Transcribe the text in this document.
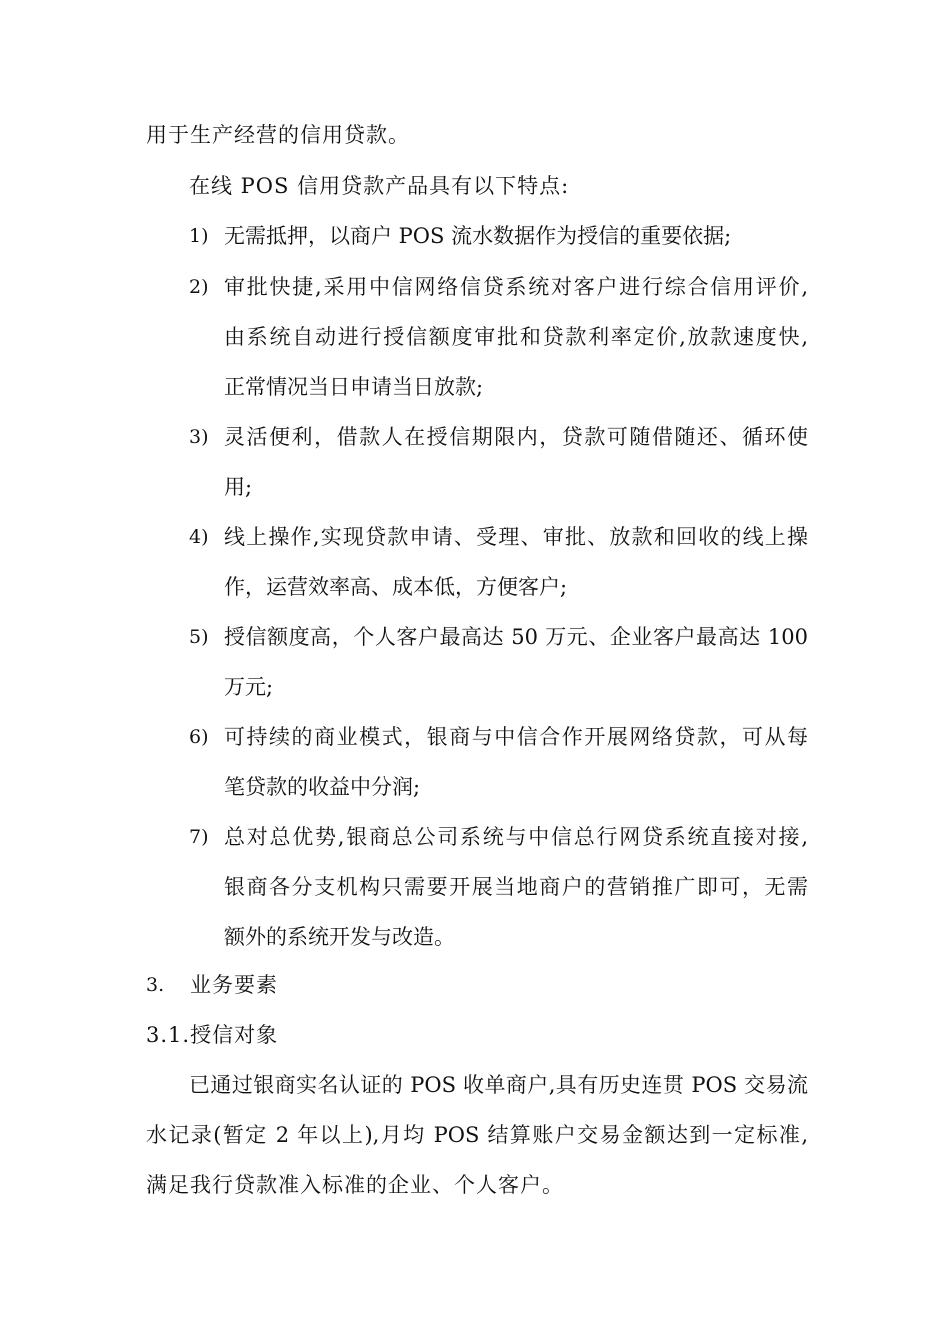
用于生产经营的信用贷款。
在线 POS 信用贷款产品具有以下特点:
1) 无需抵押，以商户 POS 流水数据作为授信的重要依据;
2) 审批快捷,采用中信网络信贷系统对客户进行综合信用评价,
由系统自动进行授信额度审批和贷款利率定价,放款速度快,
正常情况当日申请当日放款;
3) 灵活便利，借款人在授信期限内，贷款可随借随还、循环使
用;
4) 线上操作,实现贷款申请、受理、审批、放款和回收的线上操
作，运营效率高、成本低，方便客户;
5) 授信额度高，个人客户最高达 50 万元、企业客户最高达 100
万元;
6) 可持续的商业模式，银商与中信合作开展网络贷款，可从每
笔贷款的收益中分润;
7) 总对总优势,银商总公司系统与中信总行网贷系统直接对接,
银商各分支机构只需要开展当地商户的营销推广即可，无需
额外的系统开发与改造。
3. 业务要素
3.1.授信对象
已通过银商实名认证的 POS 收单商户,具有历史连贯 POS 交易流
水记录(暂定 2 年以上),月均 POS 结算账户交易金额达到一定标准,
满足我行贷款准入标准的企业、个人客户。
